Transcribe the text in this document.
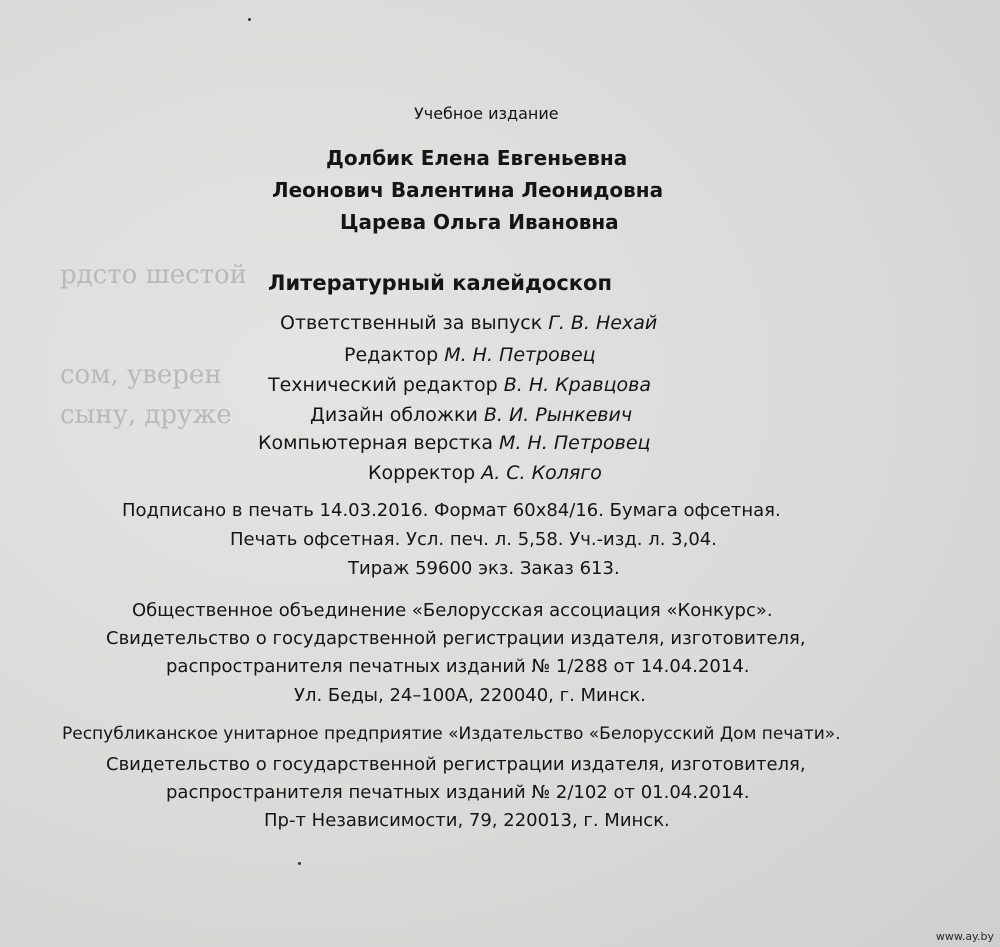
рдсто шестой
сом, уверен
сыну, друже
Учебное издание
Долбик Елена Евгеньевна
Леонович Валентина Леонидовна
Царева Ольга Ивановна
Литературный калейдоскоп
Ответственный за выпуск Г. В. Нехай
Редактор М. Н. Петровец
Технический редактор В. Н. Кравцова
Дизайн обложки В. И. Рынкевич
Компьютерная верстка М. Н. Петровец
Корректор А. С. Коляго
Подписано в печать 14.03.2016. Формат 60х84/16. Бумага офсетная.
Печать офсетная. Усл. печ. л. 5,58. Уч.-изд. л. 3,04.
Тираж 59600 экз. Заказ 613.
Общественное объединение «Белорусская ассоциация «Конкурс».
Свидетельство о государственной регистрации издателя, изготовителя,
распространителя печатных изданий № 1/288 от 14.04.2014.
Ул. Беды, 24–100А, 220040, г. Минск.
Республиканское унитарное предприятие «Издательство «Белорусский Дом печати».
Свидетельство о государственной регистрации издателя, изготовителя,
распространителя печатных изданий № 2/102 от 01.04.2014.
Пр-т Независимости, 79, 220013, г. Минск.
www.ay.by
